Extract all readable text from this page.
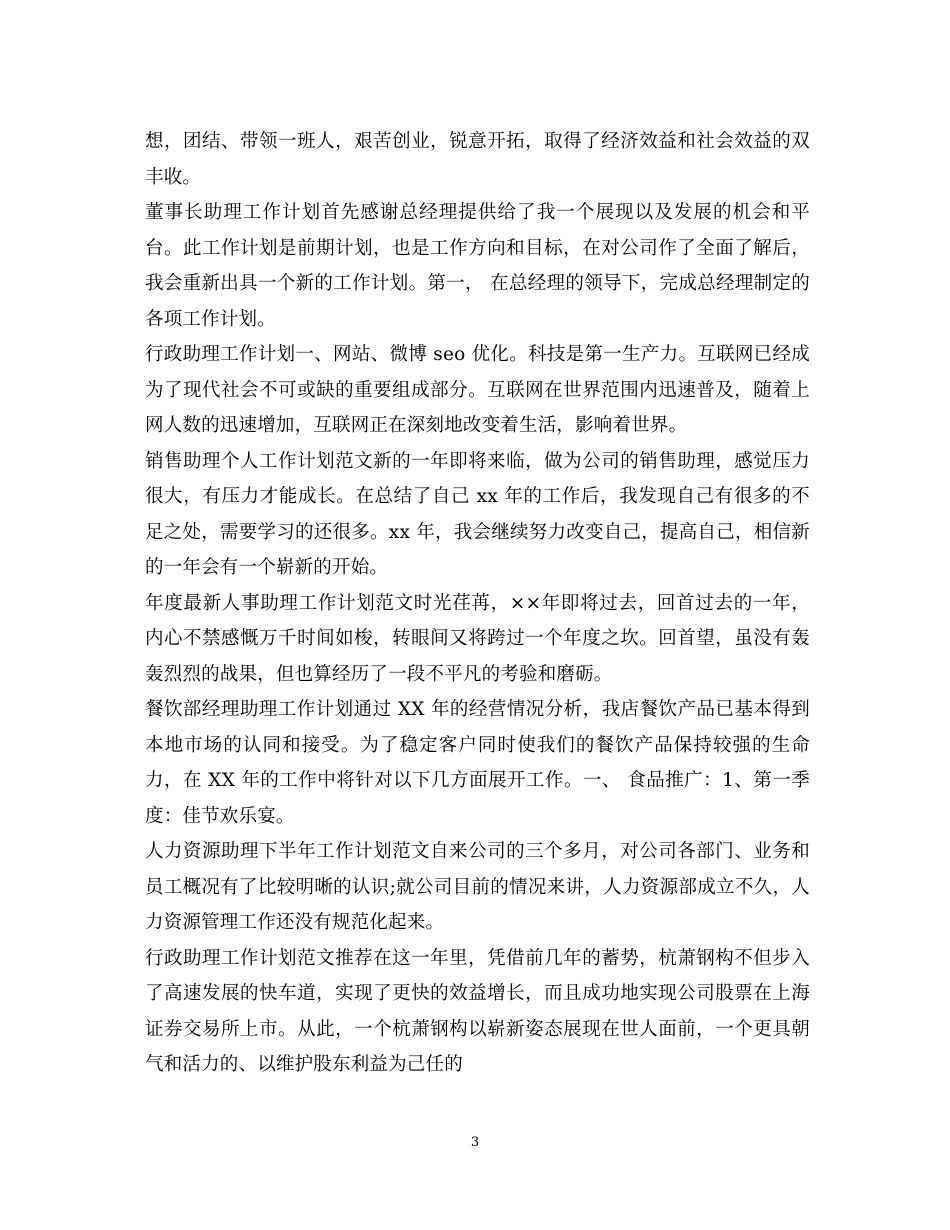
想，团结、带领一班人，艰苦创业，锐意开拓，取得了经济效益和社会效益的双丰收。

董事长助理工作计划首先感谢总经理提供给了我一个展现以及发展的机会和平台。此工作计划是前期计划，也是工作方向和目标，在对公司作了全面了解后，我会重新出具一个新的工作计划。第一， 在总经理的领导下，完成总经理制定的各项工作计划。

行政助理工作计划一、网站、微博 seo 优化。科技是第一生产力。互联网已经成为了现代社会不可或缺的重要组成部分。互联网在世界范围内迅速普及，随着上网人数的迅速增加，互联网正在深刻地改变着生活，影响着世界。

销售助理个人工作计划范文新的一年即将来临，做为公司的销售助理，感觉压力很大，有压力才能成长。在总结了自己 xx 年的工作后，我发现自己有很多的不足之处，需要学习的还很多。xx 年，我会继续努力改变自己，提高自己，相信新的一年会有一个崭新的开始。

年度最新人事助理工作计划范文时光荏苒，××年即将过去，回首过去的一年，内心不禁感慨万千时间如梭，转眼间又将跨过一个年度之坎。回首望，虽没有轰轰烈烈的战果，但也算经历了一段不平凡的考验和磨砺。

餐饮部经理助理工作计划通过 XX 年的经营情况分析，我店餐饮产品已基本得到本地市场的认同和接受。为了稳定客户同时使我们的餐饮产品保持较强的生命力，在 XX 年的工作中将针对以下几方面展开工作。一、 食品推广：1、第一季度：佳节欢乐宴。

人力资源助理下半年工作计划范文自来公司的三个多月，对公司各部门、业务和员工概况有了比较明晰的认识;就公司目前的情况来讲，人力资源部成立不久，人力资源管理工作还没有规范化起来。

行政助理工作计划范文推荐在这一年里，凭借前几年的蓄势，杭萧钢构不但步入了高速发展的快车道，实现了更快的效益增长，而且成功地实现公司股票在上海证券交易所上市。从此，一个杭萧钢构以崭新姿态展现在世人面前，一个更具朝气和活力的、以维护股东利益为己任的

3
